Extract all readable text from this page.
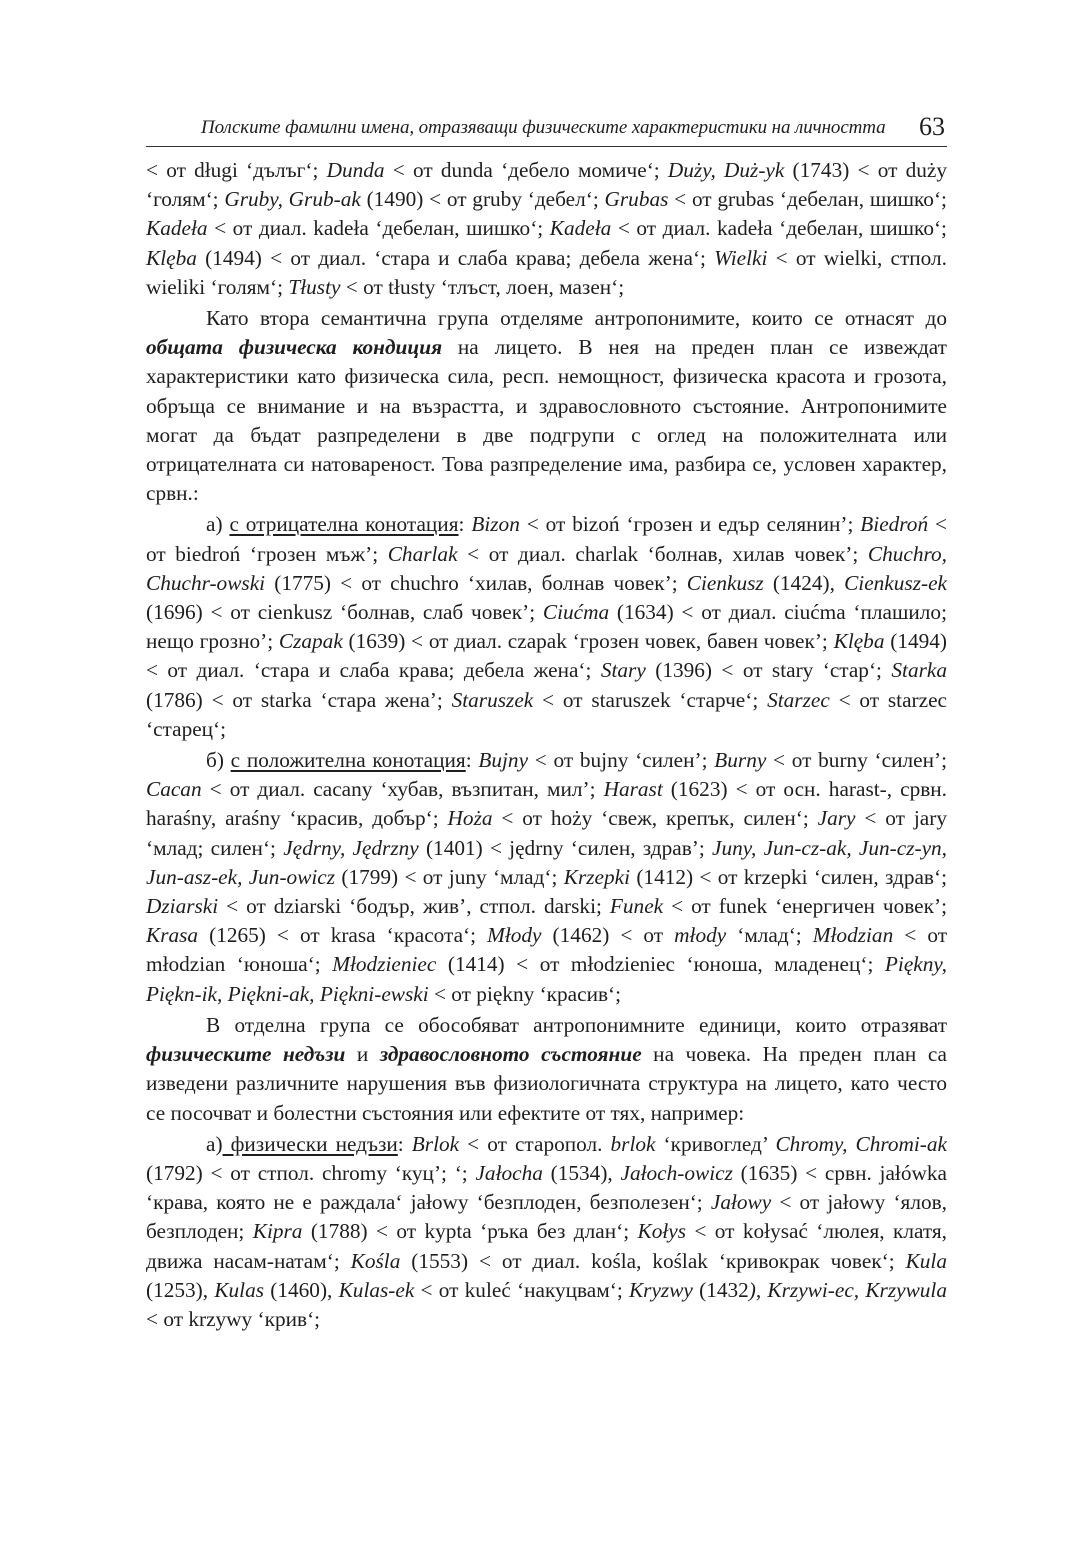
Полските фамилни имена, отразяващи физическите характеристики на личността 63

< от długi ‘дълъг‘; Dunda < от dunda ‘дебело момиче‘; Duży, Duż-yk (1743) < от duży ‘голям‘; Gruby, Grub-ak (1490) < от gruby ‘дебел‘; Grubas < от grubas ‘дебелан, шишко‘; Kadeła < от диал. kadeła ‘дебелан, шишко‘; Kadeła < от диал. kadeła ‘дебелан, шишко‘; Klęba (1494) < от диал. ‘стара и слаба крава; дебела жена‘; Wielki < от wielki, стпол. wieliki ‘голям‘; Tłusty < от tłusty ‘тлъст, лоен, мазен‘;

Като втора семантична група отделяме антропонимите, които се отнасят до общата физическа кондиция на лицето. В нея на преден план се извеждат характеристики като физическа сила, респ. немощност, физическа красота и грозота, обръща се внимание и на възрастта, и здравословното състояние. Антропонимите могат да бъдат разпределени в две подгрупи с оглед на положителната или отрицателната си натовареност. Това разпределение има, разбира се, условен характер, срвн.:

а) с отрицателна конотация: Bizon < от bizoń ‘грозен и едър селянин’; Biedroń < от biedroń ‘грозен мъж’; Charlak < от диал. charlak ‘болнав, хилав човек’; Chuchro, Chuchr-owski (1775) < от chuchro ‘хилав, болнав човек’; Cienkusz (1424), Cienkusz-ek (1696) < от cienkusz ‘болнав, слаб човек’; Ciućma (1634) < от диал. ciućma ‘плашило; нещо грозно’; Czapak (1639) < от диал. czapak ‘грозен човек, бавен човек’; Klęba (1494) < от диал. ‘стара и слаба крава; дебела жена‘; Stary (1396) < от stary ‘стар‘; Starka (1786) < от starka ‘стара жена’; Staruszek < от staruszek ‘старче‘; Starzec < от starzec ‘старец‘;

б) с положителна конотация: Bujny < от bujny ‘силен’; Burny < от burny ‘силен’; Cacan < от диал. cacany ‘хубав, възпитан, мил’; Harast (1623) < от осн. harast-, срвн. haraśny, araśny ‘красив, добър‘; Hoża < от hoży ‘свеж, крепък, силен‘; Jary < от jary ‘млад; силен‘; Jędrny, Jędrzny (1401) < jędrny ‘силен, здрав’; Juny, Jun-cz-ak, Jun-cz-yn, Jun-asz-ek, Jun-owicz (1799) < от juny ‘млад‘; Krzepki (1412) < от krzepki ‘силен, здрав‘; Dziarski < от dziarski ‘бодър, жив’, стпол. darski; Funek < от funek ‘енергичен човек’; Krasa (1265) < от krasa ‘красота‘; Młody (1462) < от młody ‘млад‘; Młodzian < от młodzian ‘юноша‘; Młodzieniec (1414) < от młodzieniec ‘юноша, младенец‘; Piękny, Piękn-ik, Piękni-ak, Piękni-ewski < от piękny ‘красив‘;

В отделна група се обособяват антропонимните единици, които отразяват физическите недъзи и здравословното състояние на човека. На преден план са изведени различните нарушения във физиологичната структура на лицето, като често се посочват и болестни състояния или ефектите от тях, например:

а) физически недъзи: Brlok < от старопол. brlok ‘кривоглед’ Chromy, Chromi-ak (1792) < от стпол. chromy ‘куц’; ‘; Jałocha (1534), Jałoch-owicz (1635) < срвн. jałówka ‘крава, която не е раждала‘ jałowy ‘безплоден, безполезен‘; Jałowy < от jałowy ‘ялов, безплоден; Kipra (1788) < от kypta ‘ръка без длан‘; Kołys < от kołysać ‘люлея, клатя, движа насам-натам‘; Kośla (1553) < от диал. kośla, koślak ‘кривокрак човек‘; Kula (1253), Kulas (1460), Kulas-ek < от kuleć ‘накуцвам‘; Kryzwy (1432), Krzywi-ec, Krzywula < от krzywy ‘крив‘;
